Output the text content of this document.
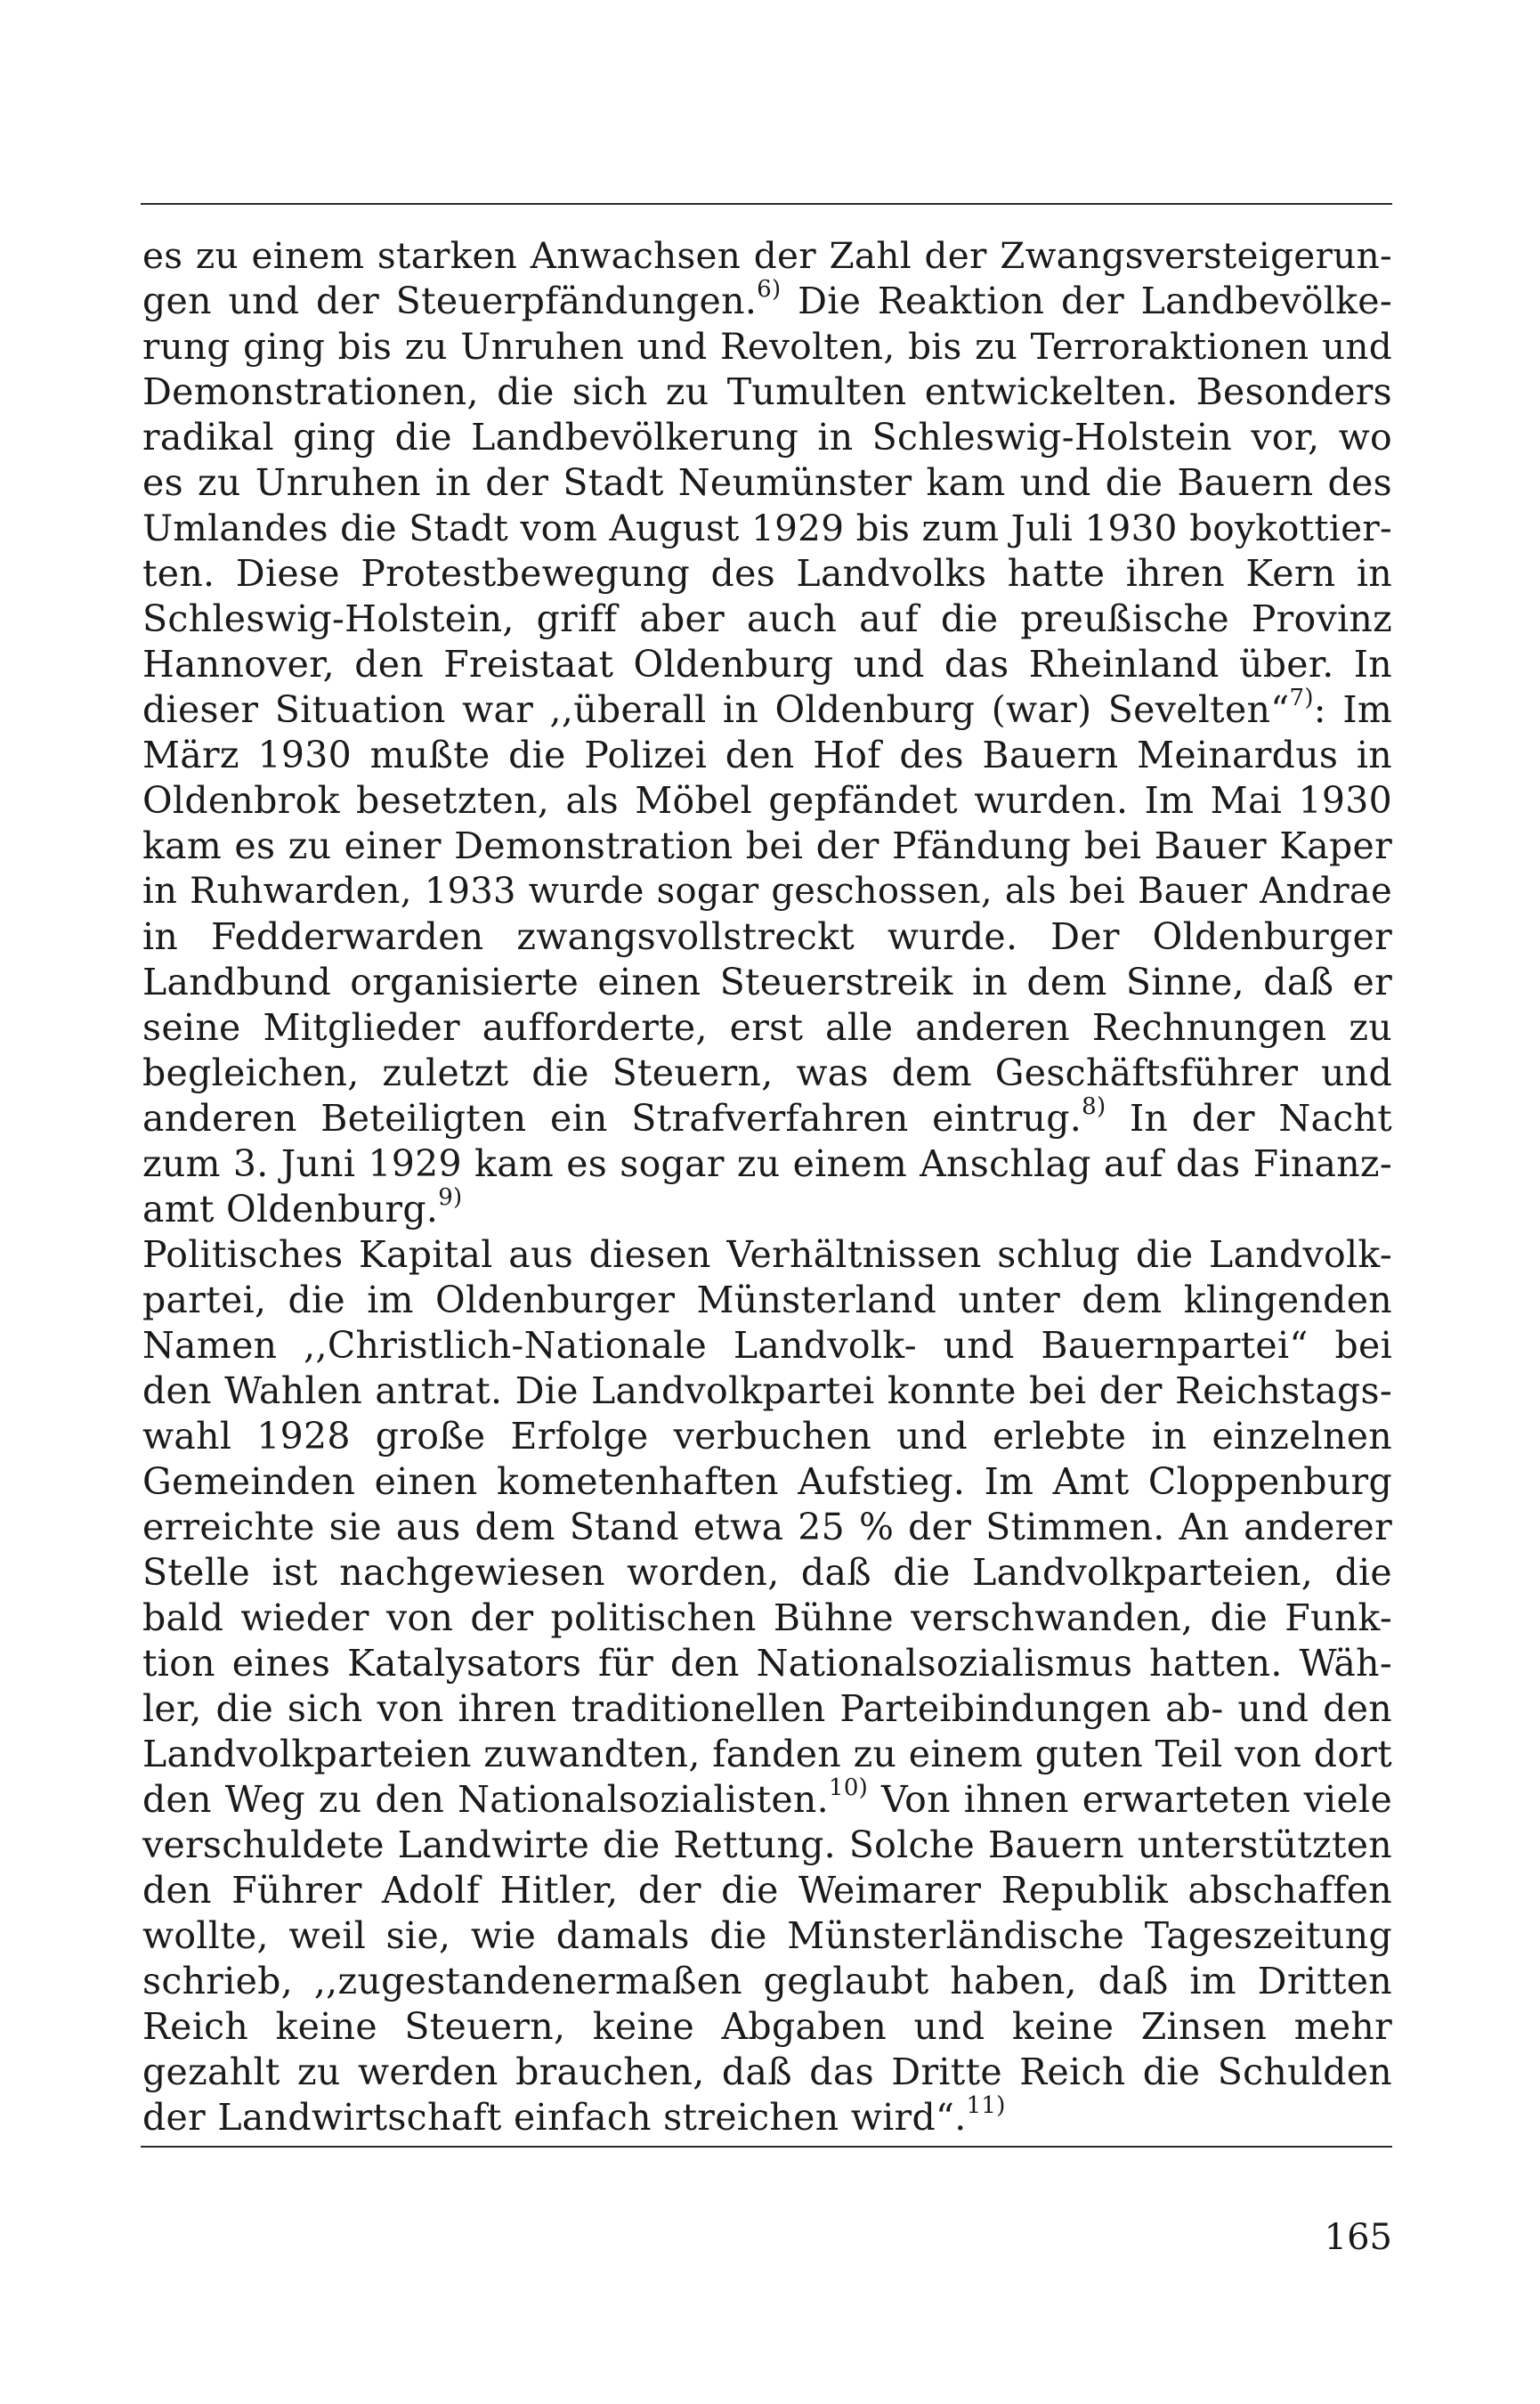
es zu einem starken Anwachsen der Zahl der Zwangsversteigerun-
gen und der Steuerpfändungen.$^{6)}$ Die Reaktion der Landbevölke-
rung ging bis zu Unruhen und Revolten, bis zu Terroraktionen und
Demonstrationen, die sich zu Tumulten entwickelten. Besonders
radikal ging die Landbevölkerung in Schleswig-Holstein vor, wo
es zu Unruhen in der Stadt Neumünster kam und die Bauern des
Umlandes die Stadt vom August 1929 bis zum Juli 1930 boykottier-
ten. Diese Protestbewegung des Landvolks hatte ihren Kern in
Schleswig-Holstein, griff aber auch auf die preußische Provinz
Hannover, den Freistaat Oldenburg und das Rheinland über. In
dieser Situation war ,,überall in Oldenburg (war) Sevelten“$^{7)}$: Im
März 1930 mußte die Polizei den Hof des Bauern Meinardus in
Oldenbrok besetzten, als Möbel gepfändet wurden. Im Mai 1930
kam es zu einer Demonstration bei der Pfändung bei Bauer Kaper
in Ruhwarden, 1933 wurde sogar geschossen, als bei Bauer Andrae
in Fedderwarden zwangsvollstreckt wurde. Der Oldenburger
Landbund organisierte einen Steuerstreik in dem Sinne, daß er
seine Mitglieder aufforderte, erst alle anderen Rechnungen zu
begleichen, zuletzt die Steuern, was dem Geschäftsführer und
anderen Beteiligten ein Strafverfahren eintrug.$^{8)}$ In der Nacht
zum 3. Juni 1929 kam es sogar zu einem Anschlag auf das Finanz-
amt Oldenburg.$^{9)}$
Politisches Kapital aus diesen Verhältnissen schlug die Landvolk-
partei, die im Oldenburger Münsterland unter dem klingenden
Namen ,,Christlich-Nationale Landvolk- und Bauernpartei“ bei
den Wahlen antrat. Die Landvolkpartei konnte bei der Reichstags-
wahl 1928 große Erfolge verbuchen und erlebte in einzelnen
Gemeinden einen kometenhaften Aufstieg. Im Amt Cloppenburg
erreichte sie aus dem Stand etwa 25 % der Stimmen. An anderer
Stelle ist nachgewiesen worden, daß die Landvolkparteien, die
bald wieder von der politischen Bühne verschwanden, die Funk-
tion eines Katalysators für den Nationalsozialismus hatten. Wäh-
ler, die sich von ihren traditionellen Parteibindungen ab- und den
Landvolkparteien zuwandten, fanden zu einem guten Teil von dort
den Weg zu den Nationalsozialisten.$^{10)}$ Von ihnen erwarteten viele
verschuldete Landwirte die Rettung. Solche Bauern unterstützten
den Führer Adolf Hitler, der die Weimarer Republik abschaffen
wollte, weil sie, wie damals die Münsterländische Tageszeitung
schrieb, ,,zugestandenermaßen geglaubt haben, daß im Dritten
Reich keine Steuern, keine Abgaben und keine Zinsen mehr
gezahlt zu werden brauchen, daß das Dritte Reich die Schulden
der Landwirtschaft einfach streichen wird“.$^{11)}$
165
